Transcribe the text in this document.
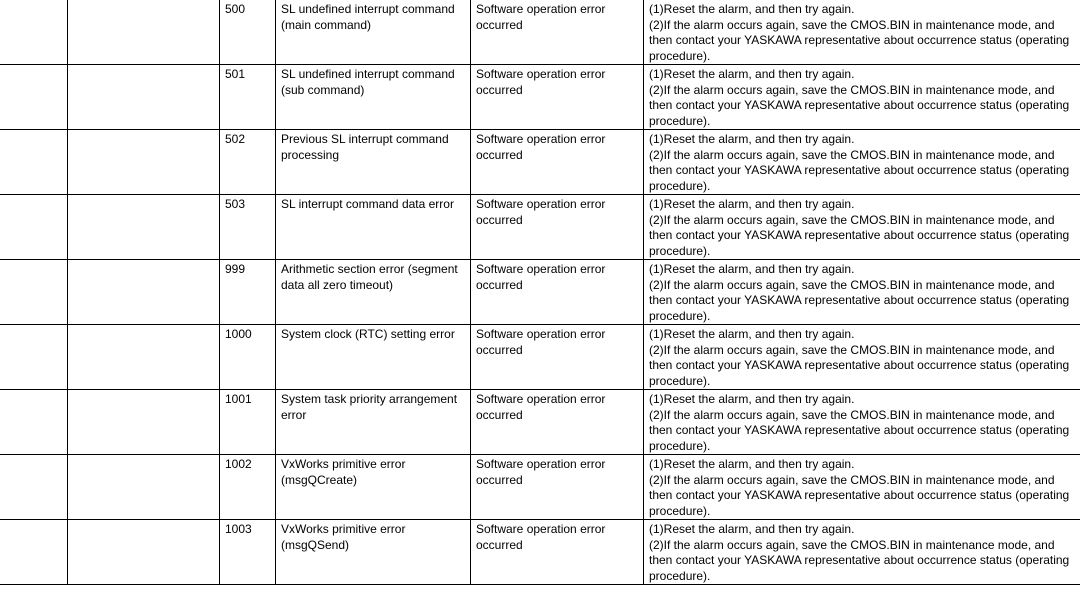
		500	SL undefined interrupt command (main command)	Software operation error occurred	(1)Reset the alarm, and then try again.
(2)If the alarm occurs again, save the CMOS.BIN in maintenance mode, and then contact your YASKAWA representative about occurrence status (operating procedure).

		501	SL undefined interrupt command (sub command)	Software operation error occurred	(1)Reset the alarm, and then try again.
(2)If the alarm occurs again, save the CMOS.BIN in maintenance mode, and then contact your YASKAWA representative about occurrence status (operating procedure).

		502	Previous SL interrupt command processing	Software operation error occurred	(1)Reset the alarm, and then try again.
(2)If the alarm occurs again, save the CMOS.BIN in maintenance mode, and then contact your YASKAWA representative about occurrence status (operating procedure).

		503	SL interrupt command data error	Software operation error occurred	(1)Reset the alarm, and then try again.
(2)If the alarm occurs again, save the CMOS.BIN in maintenance mode, and then contact your YASKAWA representative about occurrence status (operating procedure).

		999	Arithmetic section error (segment data all zero timeout)	Software operation error occurred	(1)Reset the alarm, and then try again.
(2)If the alarm occurs again, save the CMOS.BIN in maintenance mode, and then contact your YASKAWA representative about occurrence status (operating procedure).

		1000	System clock (RTC) setting error	Software operation error occurred	(1)Reset the alarm, and then try again.
(2)If the alarm occurs again, save the CMOS.BIN in maintenance mode, and then contact your YASKAWA representative about occurrence status (operating procedure).

		1001	System task priority arrangement error	Software operation error occurred	(1)Reset the alarm, and then try again.
(2)If the alarm occurs again, save the CMOS.BIN in maintenance mode, and then contact your YASKAWA representative about occurrence status (operating procedure).

		1002	VxWorks primitive error (msgQCreate)	Software operation error occurred	(1)Reset the alarm, and then try again.
(2)If the alarm occurs again, save the CMOS.BIN in maintenance mode, and then contact your YASKAWA representative about occurrence status (operating procedure).

		1003	VxWorks primitive error (msgQSend)	Software operation error occurred	(1)Reset the alarm, and then try again.
(2)If the alarm occurs again, save the CMOS.BIN in maintenance mode, and then contact your YASKAWA representative about occurrence status (operating procedure).
